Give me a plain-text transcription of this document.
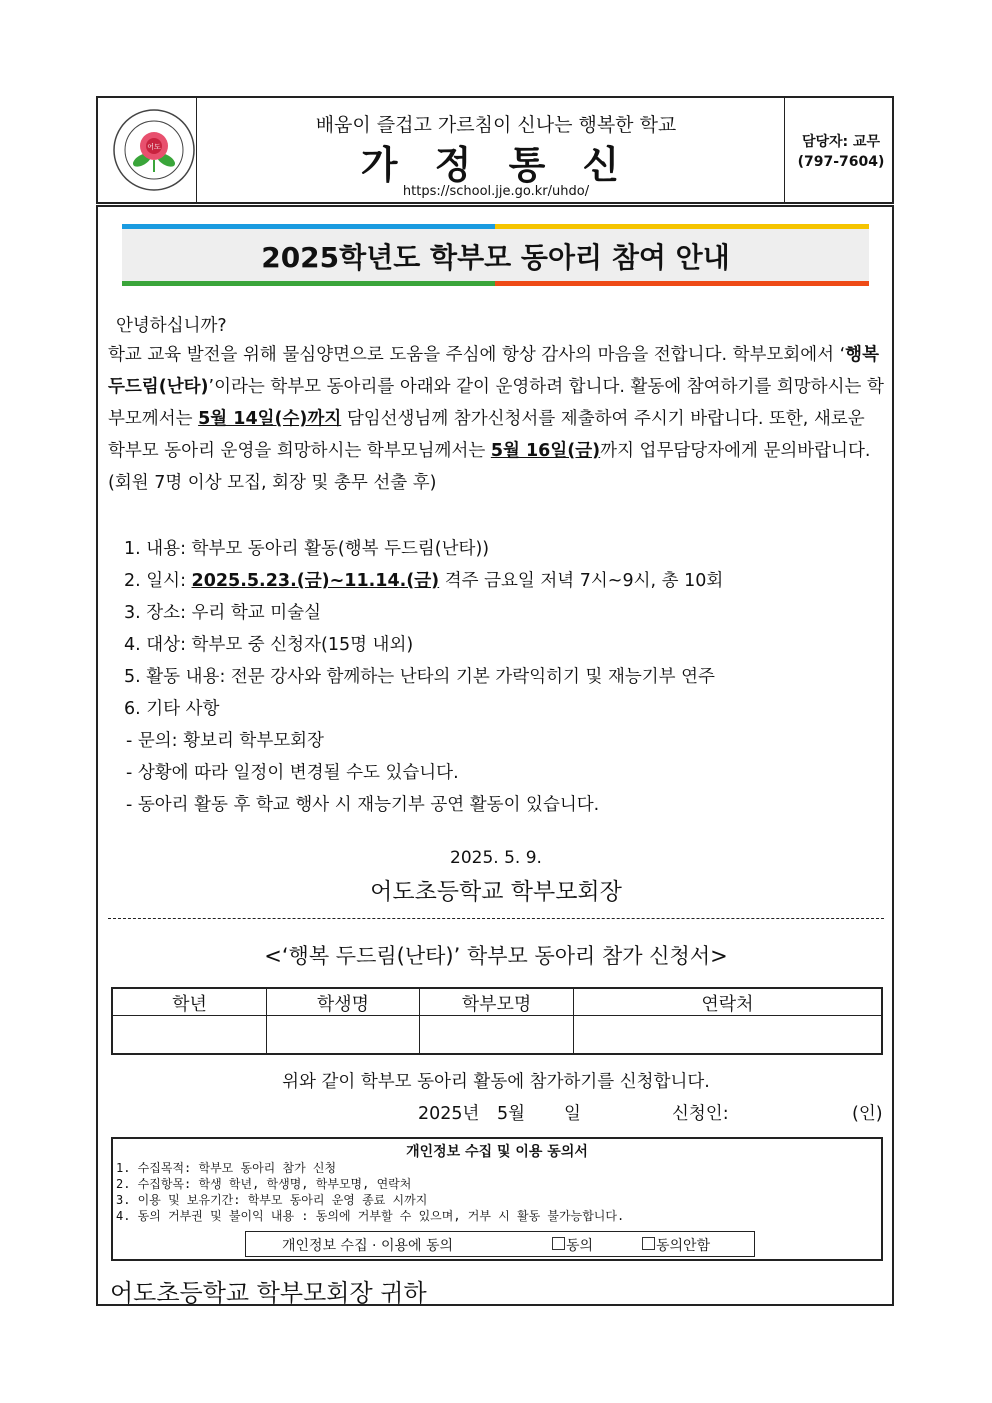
어도
배움이 즐겁고 가르침이 신나는 행복한 학교
가 정 통 신
https://school.jje.go.kr/uhdo/
담당자: 교무
(797-7604)
2025학년도 학부모 동아리 참여 안내
안녕하십니까?
학교 교육 발전을 위해 물심양면으로 도움을 주심에 항상 감사의 마음을 전합니다. 학부모회에서 ‘행복 두드림(난타)’이라는 학부모 동아리를 아래와 같이 운영하려 합니다. 활동에 참여하기를 희망하시는 학부모께서는 5월 14일(수)까지 담임선생님께 참가신청서를 제출하여 주시기 바랍니다. 또한, 새로운 학부모 동아리 운영을 희망하시는 학부모님께서는 5월 16일(금)까지 업무담당자에게 문의바랍니다.(회원 7명 이상 모집, 회장 및 총무 선출 후)
1. 내용: 학부모 동아리 활동(행복 두드림(난타))
2. 일시: 2025.5.23.(금)~11.14.(금) 격주 금요일 저녁 7시~9시, 총 10회
3. 장소: 우리 학교 미술실
4. 대상: 학부모 중 신청자(15명 내외)
5. 활동 내용: 전문 강사와 함께하는 난타의 기본 가락익히기 및 재능기부 연주
6. 기타 사항
- 문의: 황보리 학부모회장
- 상황에 따라 일정이 변경될 수도 있습니다.
- 동아리 활동 후 학교 행사 시 재능기부 공연 활동이 있습니다.
2025. 5. 9.
어도초등학교 학부모회장
<‘행복 두드림(난타)’ 학부모 동아리 참가 신청서>
학년	학생명	학부모명	연락처
위와 같이 학부모 동아리 활동에 참가하기를 신청합니다.
2025년 5월 일	신청인:	(인)
개인정보 수집 및 이용 동의서
1. 수집목적: 학부모 동아리 참가 신청
2. 수집항목: 학생 학년, 학생명, 학부모명, 연락처
3. 이용 및 보유기간: 학부모 동아리 운영 종료 시까지
4. 동의 거부권 및 불이익 내용 : 동의에 거부할 수 있으며, 거부 시 활동 불가능합니다.
개인정보 수집 · 이용에 동의	동의	동의안함
어도초등학교 학부모회장 귀하
